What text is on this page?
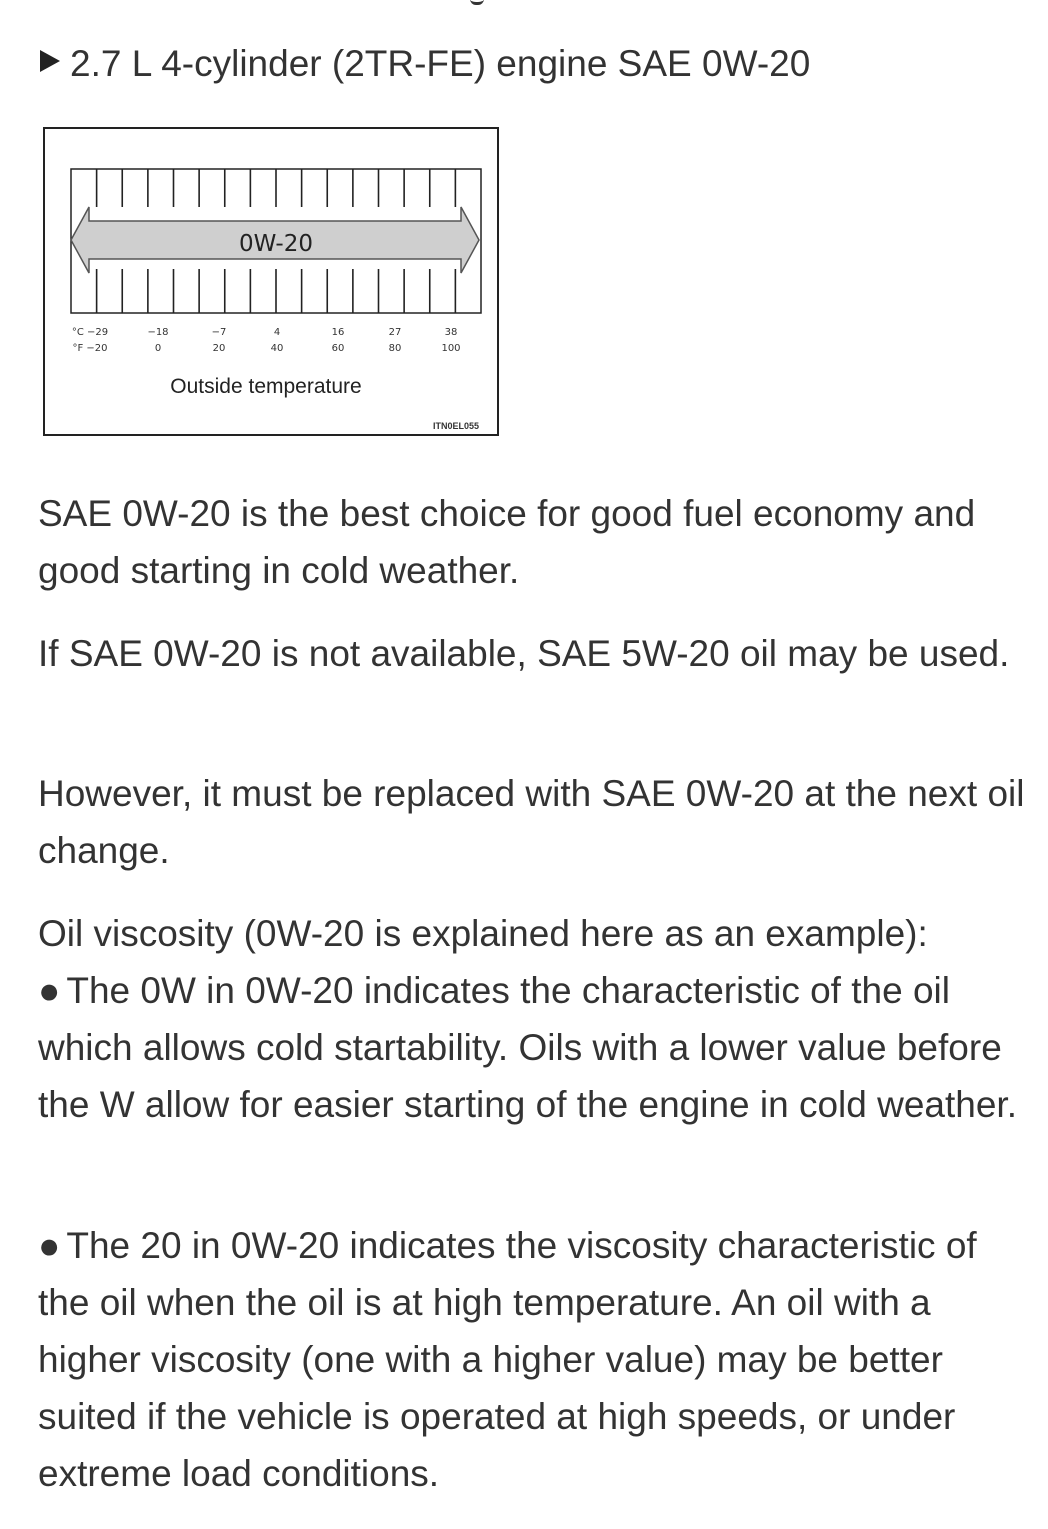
2.7 L 4-cylinder (2TR-FE) engine SAE 0W-20
0W-20
°C −29	−18	−7	4	16	27	38
°F −20	0	20	40	60	80	100
Outside temperature
ITN0EL055
SAE 0W-20 is the best choice for good fuel economy and good starting in cold weather.
If SAE 0W-20 is not available, SAE 5W-20 oil may be used.
However, it must be replaced with SAE 0W-20 at the next oil change.
Oil viscosity (0W-20 is explained here as an example):
● The 0W in 0W-20 indicates the characteristic of the oil which allows cold startability. Oils with a lower value before the W allow for easier starting of the engine in cold weather.
● The 20 in 0W-20 indicates the viscosity characteristic of the oil when the oil is at high temperature. An oil with a higher viscosity (one with a higher value) may be better suited if the vehicle is operated at high speeds, or under extreme load conditions.
